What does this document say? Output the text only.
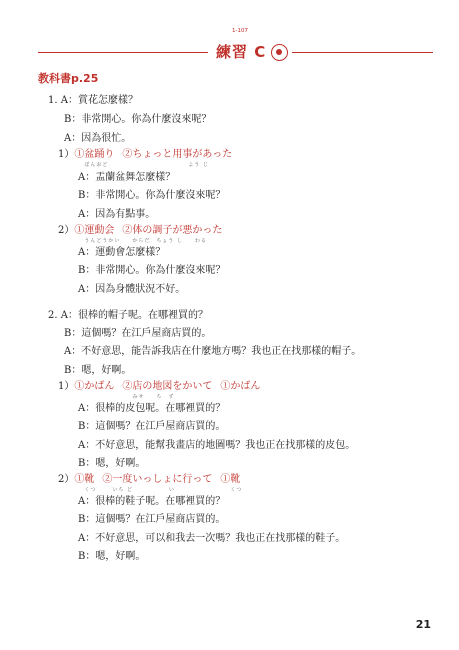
練習 C
1-107
教科書p.25
1. A：賞花怎麼樣？
B：非常開心。你為什麼沒來呢？
A：因為很忙。
A：盂蘭盆舞怎麼樣？
B：非常開心。你為什麼沒來呢？
A：因為有點事。
A：運動會怎麼樣？
B：非常開心。你為什麼沒來呢？
A：因為身體狀況不好。
2. A：很棒的帽子呢。在哪裡買的？
B：這個嗎？在江戶屋商店買的。
A：不好意思，能告訴我店在什麼地方嗎？我也正在找那樣的帽子。
B：嗯，好啊。
A：很棒的皮包呢。在哪裡買的？
B：這個嗎？在江戶屋商店買的。
A：不好意思，能幫我畫店的地圖嗎？我也正在找那樣的皮包。
B：嗯，好啊。
A：很棒的鞋子呢。在哪裡買的？
B：這個嗎？在江戶屋商店買的。
A：不好意思，可以和我去一次嗎？我也正在找那樣的鞋子。
B：嗯，好啊。
1） ①盆踊り
ぼんおど
②ちょっと用事があった
よう じ
2） ①運動会
うんどうかい
②体の調子が悪かった
からだ　ちょう し　　わる
1） ①かばん ②店の地図をかいて
みせ　　ち　ず
①かばん
2） ①靴
くつ
②一度いっしょに行って
いち ど　　　　　　い
①靴
くつ
21
